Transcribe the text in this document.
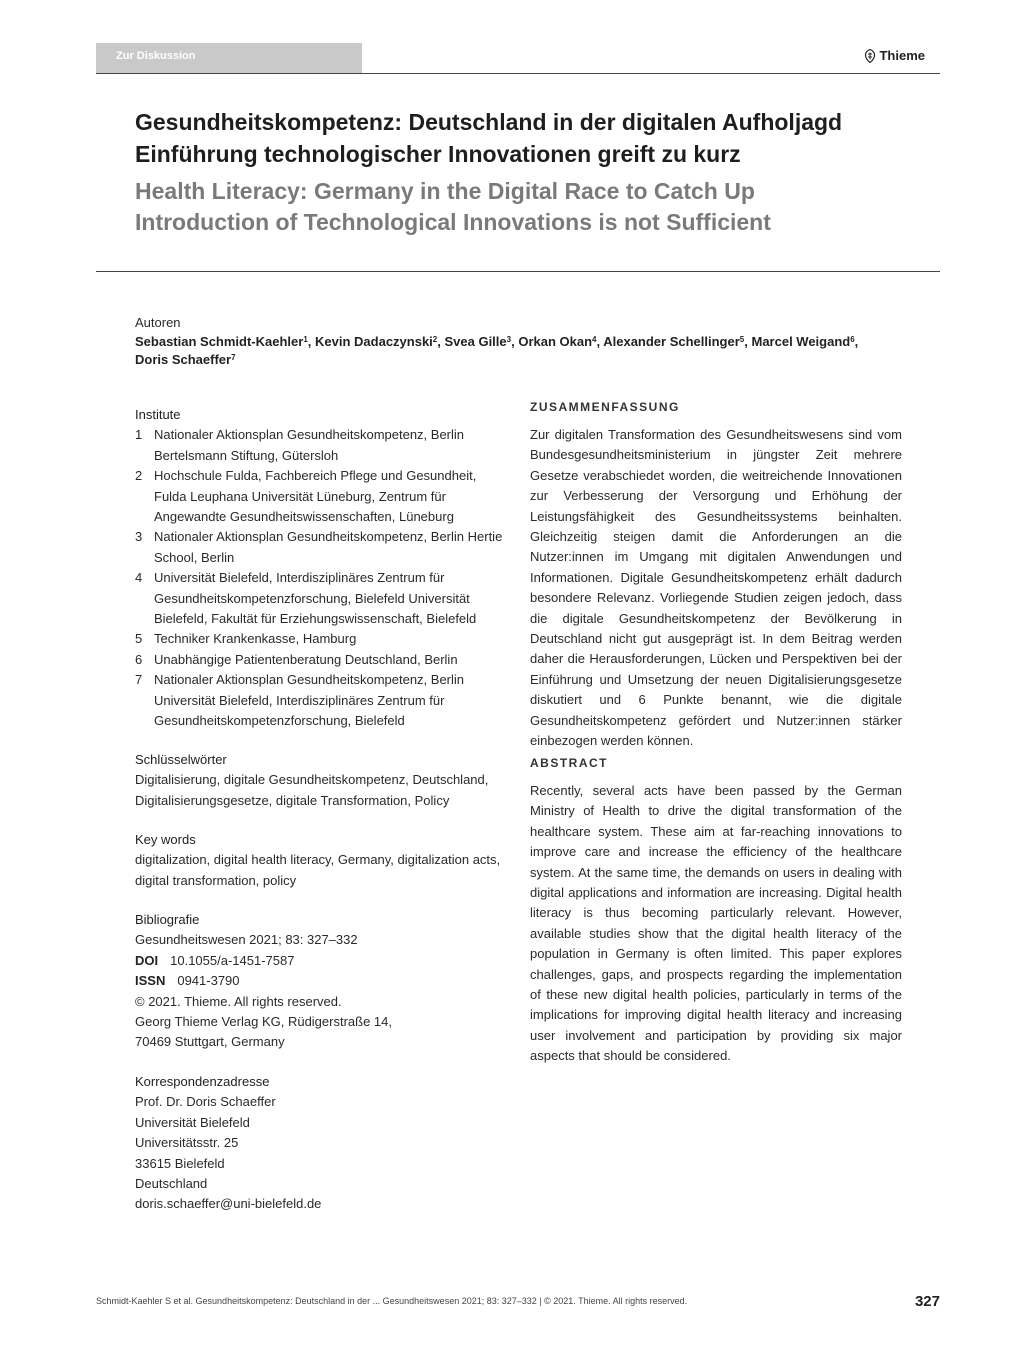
Zur Diskussion	Thieme
Gesundheitskompetenz: Deutschland in der digitalen Aufholjagd
Einführung technologischer Innovationen greift zu kurz
Health Literacy: Germany in the Digital Race to Catch Up
Introduction of Technological Innovations is not Sufficient
Autoren
Sebastian Schmidt-Kaehler$^1$, Kevin Dadaczynski$^2$, Svea Gille$^3$, Orkan Okan$^4$, Alexander Schellinger$^5$, Marcel Weigand$^6$,
Doris Schaeffer$^7$
Institute
1 Nationaler Aktionsplan Gesundheitskompetenz, Berlin Bertelsmann Stiftung, Gütersloh
2 Hochschule Fulda, Fachbereich Pflege und Gesundheit, Fulda Leuphana Universität Lüneburg, Zentrum für Angewandte Gesundheitswissenschaften, Lüneburg
3 Nationaler Aktionsplan Gesundheitskompetenz, Berlin Hertie School, Berlin
4 Universität Bielefeld, Interdisziplinäres Zentrum für Gesundheitskompetenzforschung, Bielefeld Universität Bielefeld, Fakultät für Erziehungswissenschaft, Bielefeld
5 Techniker Krankenkasse, Hamburg
6 Unabhängige Patientenberatung Deutschland, Berlin
7 Nationaler Aktionsplan Gesundheitskompetenz, Berlin Universität Bielefeld, Interdisziplinäres Zentrum für Gesundheitskompetenzforschung, Bielefeld
Schlüsselwörter
Digitalisierung, digitale Gesundheitskompetenz, Deutschland, Digitalisierungsgesetze, digitale Transformation, Policy
Key words
digitalization, digital health literacy, Germany, digitalization acts, digital transformation, policy
Bibliografie
Gesundheitswesen 2021; 83: 327–332
DOI 10.1055/a-1451-7587
ISSN 0941-3790
© 2021. Thieme. All rights reserved.
Georg Thieme Verlag KG, Rüdigerstraße 14,
70469 Stuttgart, Germany
Korrespondenzadresse
Prof. Dr. Doris Schaeffer
Universität Bielefeld
Universitätsstr. 25
33615 Bielefeld
Deutschland
doris.schaeffer@uni-bielefeld.de
ZUSAMMENFASSUNG
Zur digitalen Transformation des Gesundheitswesens sind vom Bundesgesundheitsministerium in jüngster Zeit mehrere Gesetze verabschiedet worden, die weitreichende Innovationen zur Verbesserung der Versorgung und Erhöhung der Leistungsfähigkeit des Gesundheitssystems beinhalten. Gleichzeitig steigen damit die Anforderungen an die Nutzer:innen im Umgang mit digitalen Anwendungen und Informationen. Digitale Gesundheitskompetenz erhält dadurch besondere Relevanz. Vorliegende Studien zeigen jedoch, dass die digitale Gesundheitskompetenz der Bevölkerung in Deutschland nicht gut ausgeprägt ist. In dem Beitrag werden daher die Herausforderungen, Lücken und Perspektiven bei der Einführung und Umsetzung der neuen Digitalisierungsgesetze diskutiert und 6 Punkte benannt, wie die digitale Gesundheitskompetenz gefördert und Nutzer:innen stärker einbezogen werden können.
ABSTRACT
Recently, several acts have been passed by the German Ministry of Health to drive the digital transformation of the healthcare system. These aim at far-reaching innovations to improve care and increase the efficiency of the healthcare system. At the same time, the demands on users in dealing with digital applications and information are increasing. Digital health literacy is thus becoming particularly relevant. However, available studies show that the digital health literacy of the population in Germany is often limited. This paper explores challenges, gaps, and prospects regarding the implementation of these new digital health policies, particularly in terms of the implications for improving digital health literacy and increasing user involvement and participation by providing six major aspects that should be considered.
Schmidt-Kaehler S et al. Gesundheitskompetenz: Deutschland in der ... Gesundheitswesen 2021; 83: 327–332 | © 2021. Thieme. All rights reserved.	327
